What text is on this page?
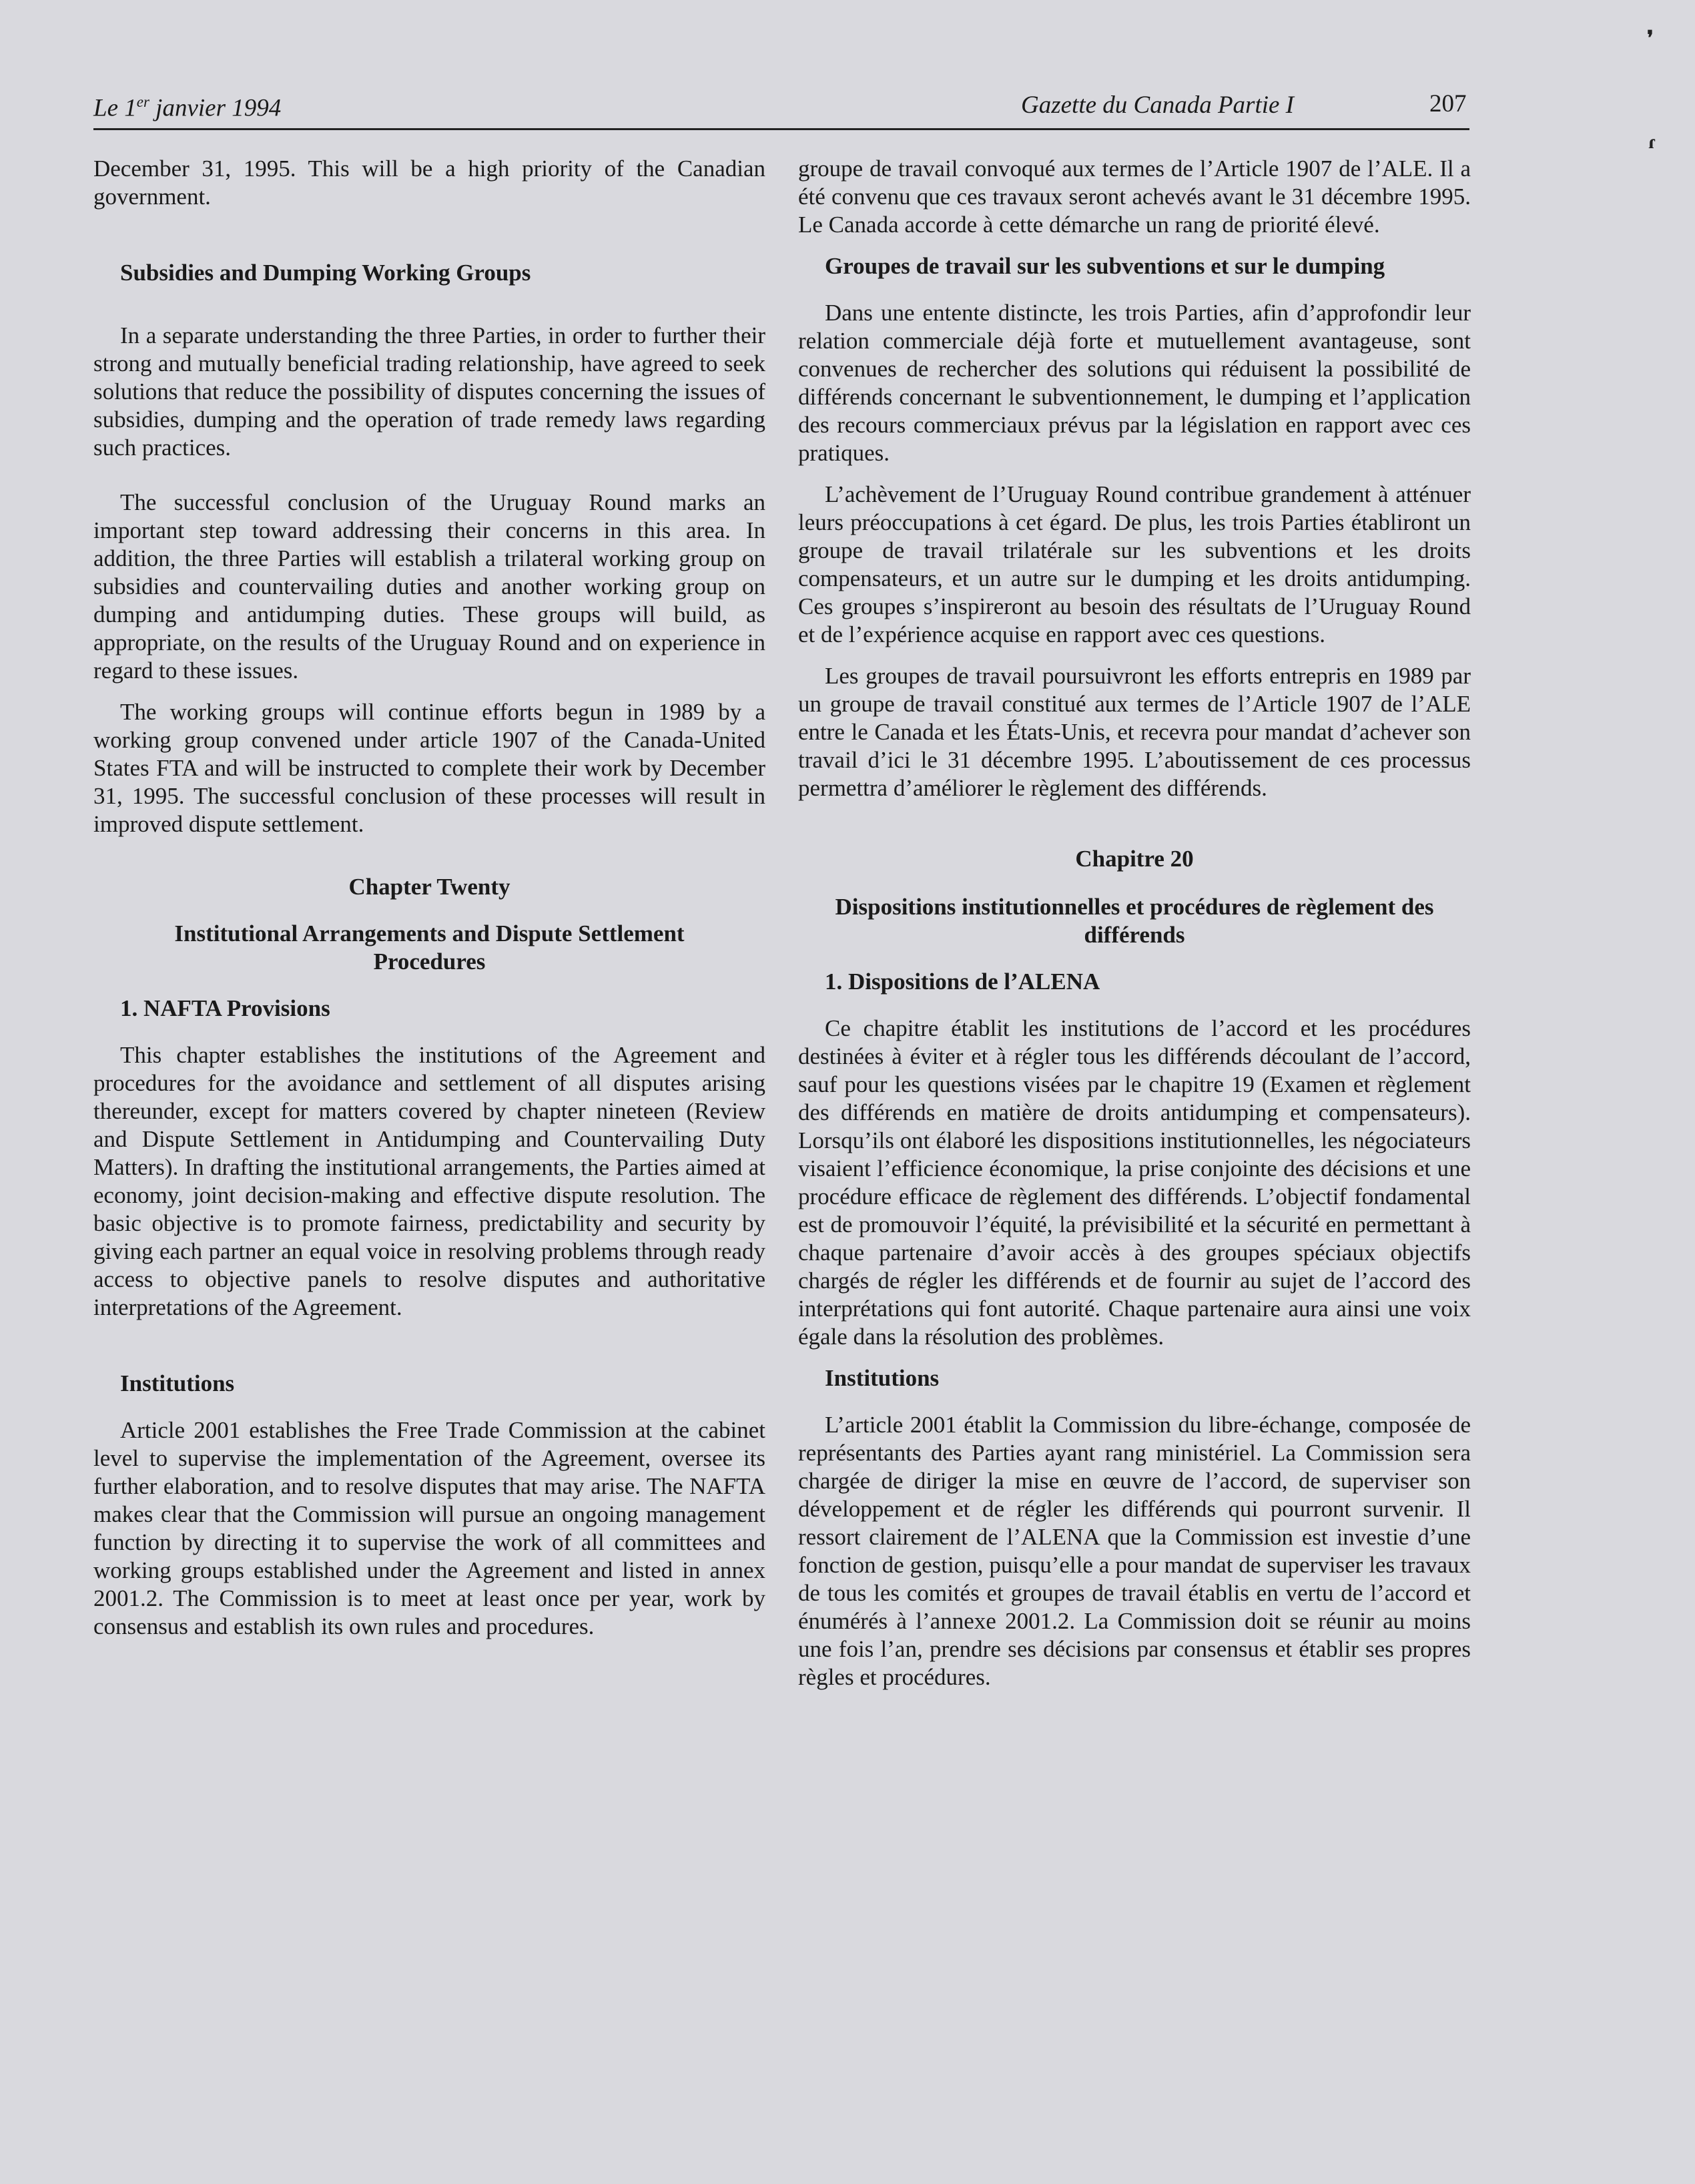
Le 1er janvier 1994	Gazette du Canada Partie I	207
❜
ɾ

December 31, 1995. This will be a high priority of the Canadian government.

Subsidies and Dumping Working Groups

In a separate understanding the three Parties, in order to further their strong and mutually beneficial trading relationship, have agreed to seek solutions that reduce the possibility of disputes concerning the issues of subsidies, dumping and the operation of trade remedy laws regarding such practices.

The successful conclusion of the Uruguay Round marks an important step toward addressing their concerns in this area. In addition, the three Parties will establish a trilateral working group on subsidies and countervailing duties and another working group on dumping and antidumping duties. These groups will build, as appropriate, on the results of the Uruguay Round and on experience in regard to these issues.

The working groups will continue efforts begun in 1989 by a working group convened under article 1907 of the Canada-United States FTA and will be instructed to complete their work by December 31, 1995. The successful conclusion of these processes will result in improved dispute settlement.

Chapter Twenty
Institutional Arrangements and Dispute Settlement Procedures
1. NAFTA Provisions

This chapter establishes the institutions of the Agreement and procedures for the avoidance and settlement of all disputes arising thereunder, except for matters covered by chapter nineteen (Review and Dispute Settlement in Antidumping and Countervailing Duty Matters). In drafting the institutional arrangements, the Parties aimed at economy, joint decision-making and effective dispute resolution. The basic objective is to promote fairness, predictability and security by giving each partner an equal voice in resolving problems through ready access to objective panels to resolve disputes and authoritative interpretations of the Agreement.

Institutions

Article 2001 establishes the Free Trade Commission at the cabinet level to supervise the implementation of the Agreement, oversee its further elaboration, and to resolve disputes that may arise. The NAFTA makes clear that the Commission will pursue an ongoing management function by directing it to supervise the work of all committees and working groups established under the Agreement and listed in annex 2001.2. The Commission is to meet at least once per year, work by consensus and establish its own rules and procedures.

groupe de travail convoqué aux termes de l’Article 1907 de l’ALE. Il a été convenu que ces travaux seront achevés avant le 31 décembre 1995. Le Canada accorde à cette démarche un rang de priorité élevé.

Groupes de travail sur les subventions et sur le dumping

Dans une entente distincte, les trois Parties, afin d’approfondir leur relation commerciale déjà forte et mutuellement avantageuse, sont convenues de rechercher des solutions qui réduisent la possibilité de différends concernant le subventionnement, le dumping et l’application des recours commerciaux prévus par la législation en rapport avec ces pratiques.

L’achèvement de l’Uruguay Round contribue grandement à atténuer leurs préoccupations à cet égard. De plus, les trois Parties établiront un groupe de travail trilatérale sur les subventions et les droits compensateurs, et un autre sur le dumping et les droits antidumping. Ces groupes s’inspireront au besoin des résultats de l’Uruguay Round et de l’expérience acquise en rapport avec ces questions.

Les groupes de travail poursuivront les efforts entrepris en 1989 par un groupe de travail constitué aux termes de l’Article 1907 de l’ALE entre le Canada et les États-Unis, et recevra pour mandat d’achever son travail d’ici le 31 décembre 1995. L’aboutissement de ces processus permettra d’améliorer le règlement des différends.

Chapitre 20
Dispositions institutionnelles et procédures de règlement des différends
1. Dispositions de l’ALENA

Ce chapitre établit les institutions de l’accord et les procédures destinées à éviter et à régler tous les différends découlant de l’accord, sauf pour les questions visées par le chapitre 19 (Examen et règlement des différends en matière de droits antidumping et compensateurs). Lorsqu’ils ont élaboré les dispositions institutionnelles, les négociateurs visaient l’efficience économique, la prise conjointe des décisions et une procédure efficace de règlement des différends. L’objectif fondamental est de promouvoir l’équité, la prévisibilité et la sécurité en permettant à chaque partenaire d’avoir accès à des groupes spéciaux objectifs chargés de régler les différends et de fournir au sujet de l’accord des interprétations qui font autorité. Chaque partenaire aura ainsi une voix égale dans la résolution des problèmes.

Institutions

L’article 2001 établit la Commission du libre-échange, composée de représentants des Parties ayant rang ministériel. La Commission sera chargée de diriger la mise en œuvre de l’accord, de superviser son développement et de régler les différends qui pourront survenir. Il ressort clairement de l’ALENA que la Commission est investie d’une fonction de gestion, puisqu’elle a pour mandat de superviser les travaux de tous les comités et groupes de travail établis en vertu de l’accord et énumérés à l’annexe 2001.2. La Commission doit se réunir au moins une fois l’an, prendre ses décisions par consensus et établir ses propres règles et procédures.
